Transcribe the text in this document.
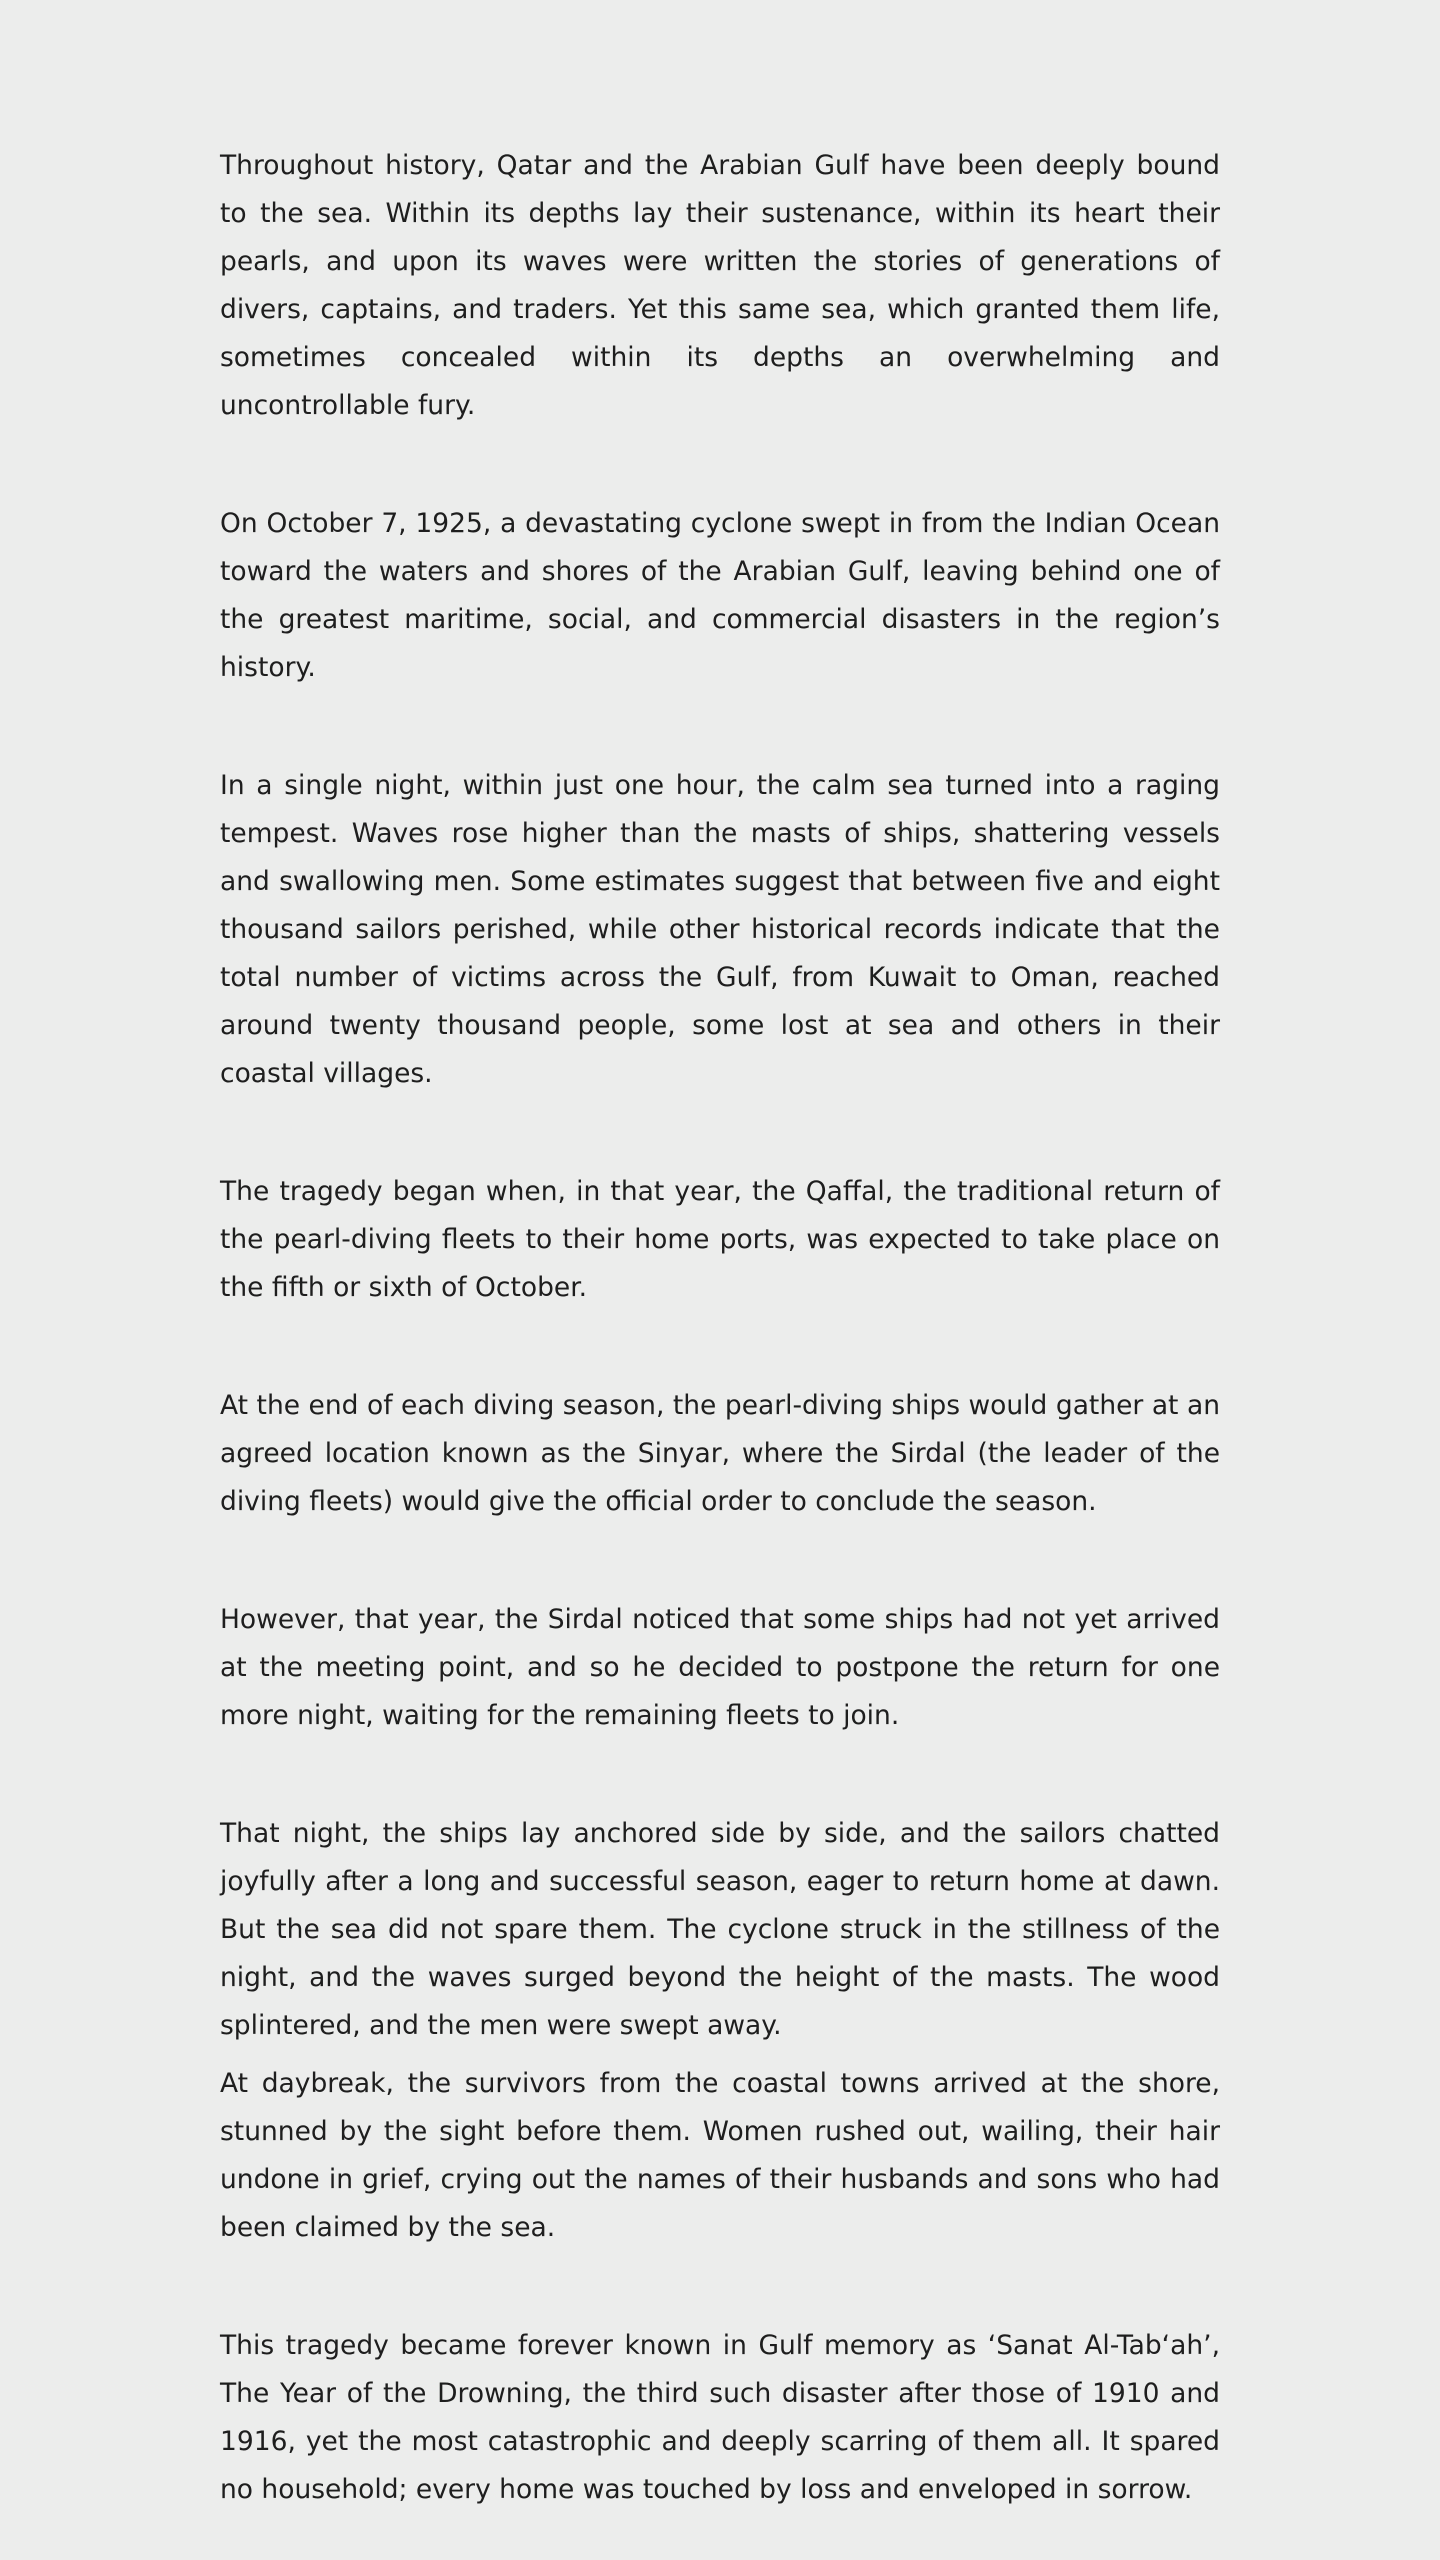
Throughout history, Qatar and the Arabian Gulf have been deeply bound to the sea. Within its depths lay their sustenance, within its heart their pearls, and upon its waves were written the stories of generations of divers, captains, and traders. Yet this same sea, which granted them life, sometimes concealed within its depths an overwhelming and uncontrollable fury.

On October 7, 1925, a devastating cyclone swept in from the Indian Ocean toward the waters and shores of the Arabian Gulf, leaving behind one of the greatest maritime, social, and commercial disasters in the region’s history.

In a single night, within just one hour, the calm sea turned into a raging tempest. Waves rose higher than the masts of ships, shattering vessels and swallowing men. Some estimates suggest that between five and eight thousand sailors perished, while other historical records indicate that the total number of victims across the Gulf, from Kuwait to Oman, reached around twenty thousand people, some lost at sea and others in their coastal villages.

The tragedy began when, in that year, the Qaffal, the traditional return of the pearl-diving fleets to their home ports, was expected to take place on the fifth or sixth of October.

At the end of each diving season, the pearl-diving ships would gather at an agreed location known as the Sinyar, where the Sirdal (the leader of the diving fleets) would give the official order to conclude the season.

However, that year, the Sirdal noticed that some ships had not yet arrived at the meeting point, and so he decided to postpone the return for one more night, waiting for the remaining fleets to join.

That night, the ships lay anchored side by side, and the sailors chatted joyfully after a long and successful season, eager to return home at dawn. But the sea did not spare them. The cyclone struck in the stillness of the night, and the waves surged beyond the height of the masts. The wood splintered, and the men were swept away.

At daybreak, the survivors from the coastal towns arrived at the shore, stunned by the sight before them. Women rushed out, wailing, their hair undone in grief, crying out the names of their husbands and sons who had been claimed by the sea.

This tragedy became forever known in Gulf memory as ‘Sanat Al-Tab‘ah’, The Year of the Drowning, the third such disaster after those of 1910 and 1916, yet the most catastrophic and deeply scarring of them all. It spared no household; every home was touched by loss and enveloped in sorrow.
